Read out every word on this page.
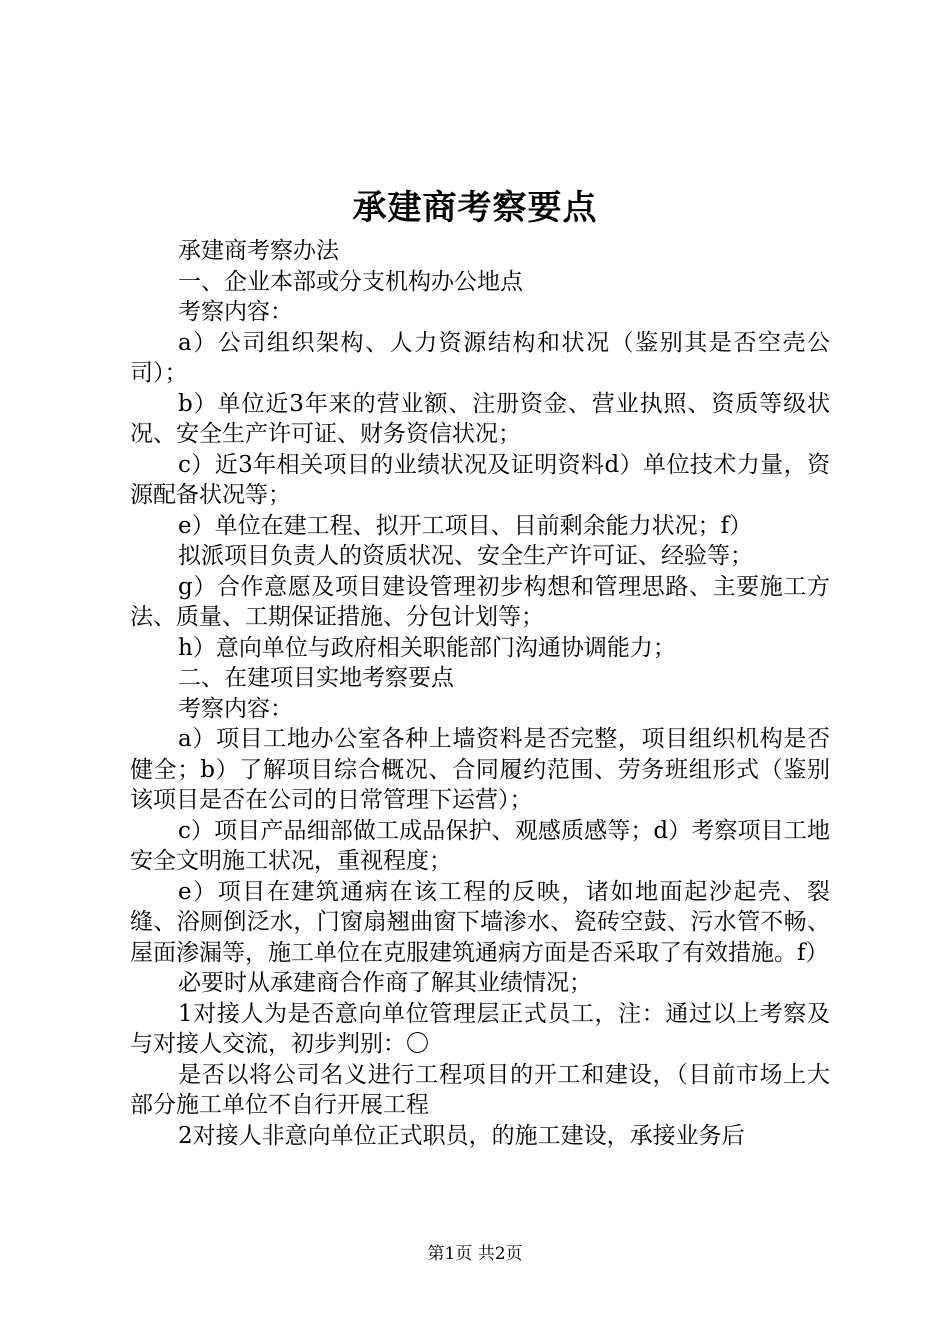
承建商考察要点

承建商考察办法

一、企业本部或分支机构办公地点

考察内容：

a）公司组织架构、人力资源结构和状况（鉴别其是否空壳公司）；

b）单位近3年来的营业额、注册资金、营业执照、资质等级状况、安全生产许可证、财务资信状况；

c）近3年相关项目的业绩状况及证明资料d）单位技术力量，资源配备状况等；

e）单位在建工程、拟开工项目、目前剩余能力状况；f）

拟派项目负责人的资质状况、安全生产许可证、经验等；

g）合作意愿及项目建设管理初步构想和管理思路、主要施工方法、质量、工期保证措施、分包计划等；

h）意向单位与政府相关职能部门沟通协调能力；

二、在建项目实地考察要点

考察内容：

a）项目工地办公室各种上墙资料是否完整，项目组织机构是否健全；b）了解项目综合概况、合同履约范围、劳务班组形式（鉴别该项目是否在公司的日常管理下运营）；

c）项目产品细部做工成品保护、观感质感等；d）考察项目工地安全文明施工状况，重视程度；

e）项目在建筑通病在该工程的反映，诸如地面起沙起壳、裂缝、浴厕倒泛水，门窗扇翘曲窗下墙渗水、瓷砖空鼓、污水管不畅、屋面渗漏等，施工单位在克服建筑通病方面是否采取了有效措施。f）

必要时从承建商合作商了解其业绩情况；

1对接人为是否意向单位管理层正式员工，注：通过以上考察及与对接人交流，初步判别：〇

是否以将公司名义进行工程项目的开工和建设，（目前市场上大部分施工单位不自行开展工程

2对接人非意向单位正式职员，的施工建设，承接业务后

第1页 共2页
